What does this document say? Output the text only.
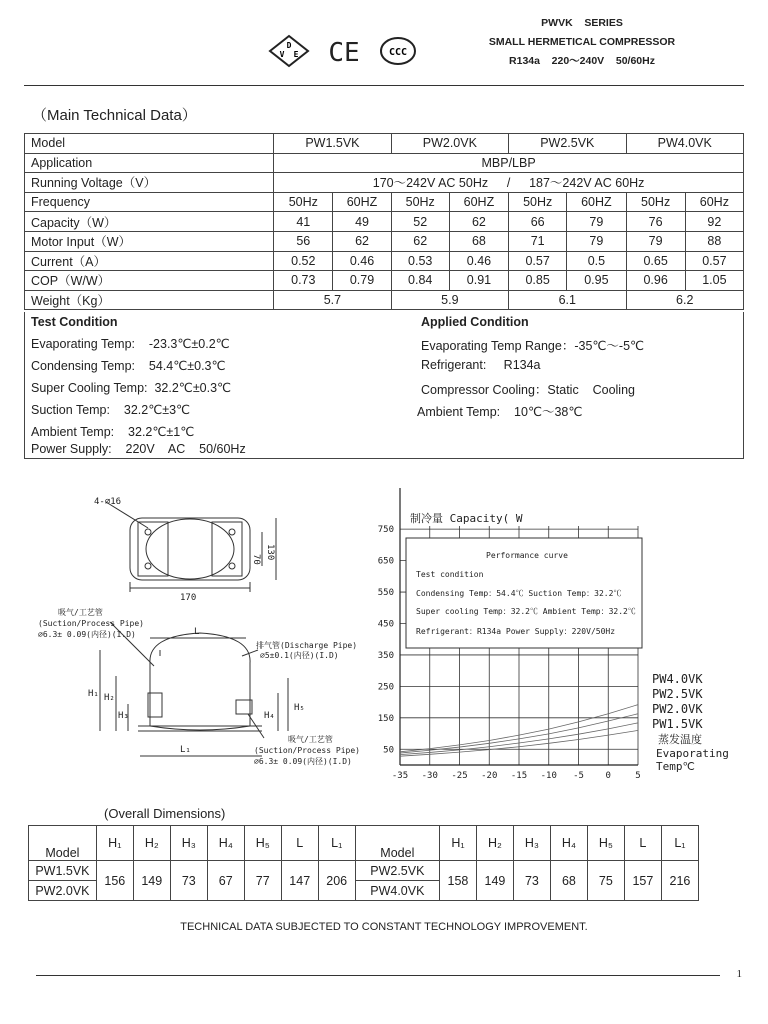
PWVK    SERIES
SMALL HERMETICAL COMPRESSOR
R134a    220～240V    50/60Hz
D
V E CE	CCC
（Main Technical Data）
Model	PW1.5VK		PW2.0VK		PW2.5VK		PW4.0VK	
Application	MBP/LBP							
Running Voltage（V）	170～242V AC 50Hz / 187～242V AC 60Hz							
Frequency	50Hz	60HZ	50Hz	60HZ	50Hz	60HZ	50Hz	60Hz
Capacity（W）	41	49	52	62	66	79	76	92
Motor Input（W）	56	62	62	68	71	79	79	88
Current（A）	0.52	0.46	0.53	0.46	0.57	0.5	0.65	0.57
COP（W/W）	0.73	0.79	0.84	0.91	0.85	0.95	0.96	1.05
Weight（Kg）	5.7		5.9		6.1		6.2	
Test Condition
Evaporating Temp:    -23.3℃±0.2℃
Condensing Temp:    54.4℃±0.3℃
Super Cooling Temp:  32.2℃±0.3℃
Suction Temp:    32.2℃±3℃
Ambient Temp:    32.2℃±1℃
Power Supply:    220V    AC    50/60Hz
Applied Condition
Evaporating Temp Range：-35℃～-5℃
Refrigerant:     R134a
Compressor Cooling：Static    Cooling
Ambient Temp:    10℃～38℃
4-∅16
170
70 130
吸气/工艺管
(Suction/Process Pipe)
∅6.3± 0.09(内径)(I.D)
排气管(Discharge Pipe)
∅5±0.1(内径)(I.D)
吸气/工艺管
(Suction/Process Pipe)
∅6.3± 0.09(内径)(I.D)
L
L₁
H₁ H₂
H₃	H₄
H₅
-35 -30 -25 -20 -15 -10 -5 0	5
50
150
250
350
450
550
650
750
PW4.0VK
PW2.5VK
PW2.0VK
PW1.5VK
制冷量 Capacity( W
Performance curve
Test condition
Condensing Temp：54.4℃ Suction Temp：32.2℃
Super cooling Temp：32.2℃ Ambient Temp：32.2℃
Refrigerant：R134a Power Supply：220V/50Hz
蒸发温度
Evaporating
Temp℃
(Overall Dimensions)
Model	H₁	H₂	H₃	H₄	H₅	L	L₁	Model	H₁	H₂	H₃	H₄	H₅	L	L₁
PW1.5VK	156	149	73	67	77	147	206	PW2.5VK	158	149	73	68	75	157	216
PW2.0VK								PW4.0VK							
TECHNICAL DATA SUBJECTED TO CONSTANT TECHNOLOGY IMPROVEMENT.
1
